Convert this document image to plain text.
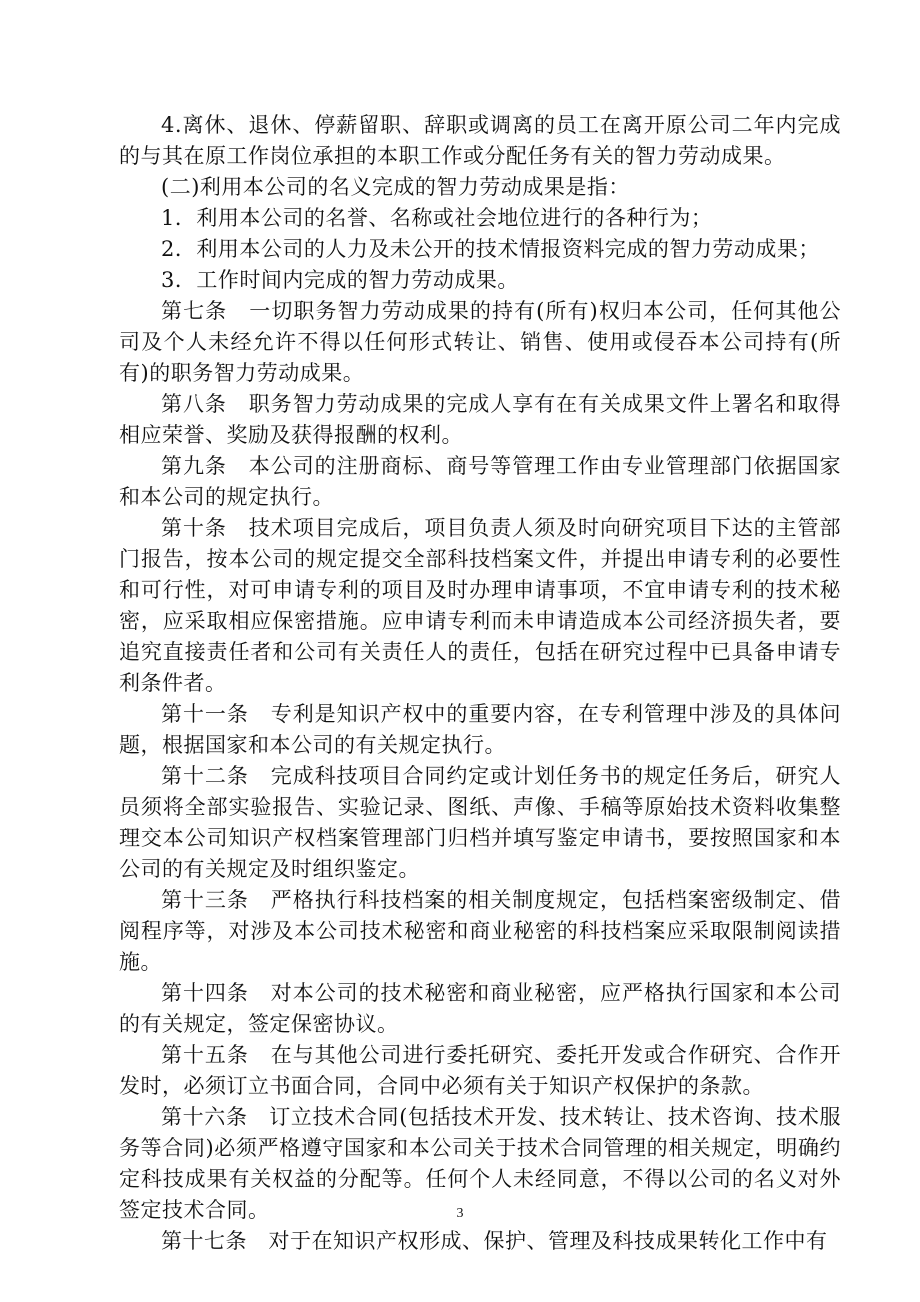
4.离休、退休、停薪留职、辞职或调离的员工在离开原公司二年内完成的与其在原工作岗位承担的本职工作或分配任务有关的智力劳动成果。

(二)利用本公司的名义完成的智力劳动成果是指：

1．利用本公司的名誉、名称或社会地位进行的各种行为；

2．利用本公司的人力及未公开的技术情报资料完成的智力劳动成果；

3．工作时间内完成的智力劳动成果。

第七条　一切职务智力劳动成果的持有(所有)权归本公司，任何其他公司及个人未经允许不得以任何形式转让、销售、使用或侵吞本公司持有(所有)的职务智力劳动成果。

第八条　职务智力劳动成果的完成人享有在有关成果文件上署名和取得相应荣誉、奖励及获得报酬的权利。

第九条　本公司的注册商标、商号等管理工作由专业管理部门依据国家和本公司的规定执行。

第十条　技术项目完成后，项目负责人须及时向研究项目下达的主管部门报告，按本公司的规定提交全部科技档案文件，并提出申请专利的必要性和可行性，对可申请专利的项目及时办理申请事项，不宜申请专利的技术秘密，应采取相应保密措施。应申请专利而未申请造成本公司经济损失者，要追究直接责任者和公司有关责任人的责任，包括在研究过程中已具备申请专利条件者。

第十一条　专利是知识产权中的重要内容，在专利管理中涉及的具体问题，根据国家和本公司的有关规定执行。

第十二条　完成科技项目合同约定或计划任务书的规定任务后，研究人员须将全部实验报告、实验记录、图纸、声像、手稿等原始技术资料收集整理交本公司知识产权档案管理部门归档并填写鉴定申请书，要按照国家和本公司的有关规定及时组织鉴定。

第十三条　严格执行科技档案的相关制度规定，包括档案密级制定、借阅程序等，对涉及本公司技术秘密和商业秘密的科技档案应采取限制阅读措施。

第十四条　对本公司的技术秘密和商业秘密，应严格执行国家和本公司的有关规定，签定保密协议。

第十五条　在与其他公司进行委托研究、委托开发或合作研究、合作开发时，必须订立书面合同，合同中必须有关于知识产权保护的条款。

第十六条　订立技术合同(包括技术开发、技术转让、技术咨询、技术服务等合同)必须严格遵守国家和本公司关于技术合同管理的相关规定，明确约定科技成果有关权益的分配等。任何个人未经同意，不得以公司的名义对外签定技术合同。

第十七条　对于在知识产权形成、保护、管理及科技成果转化工作中有

3
